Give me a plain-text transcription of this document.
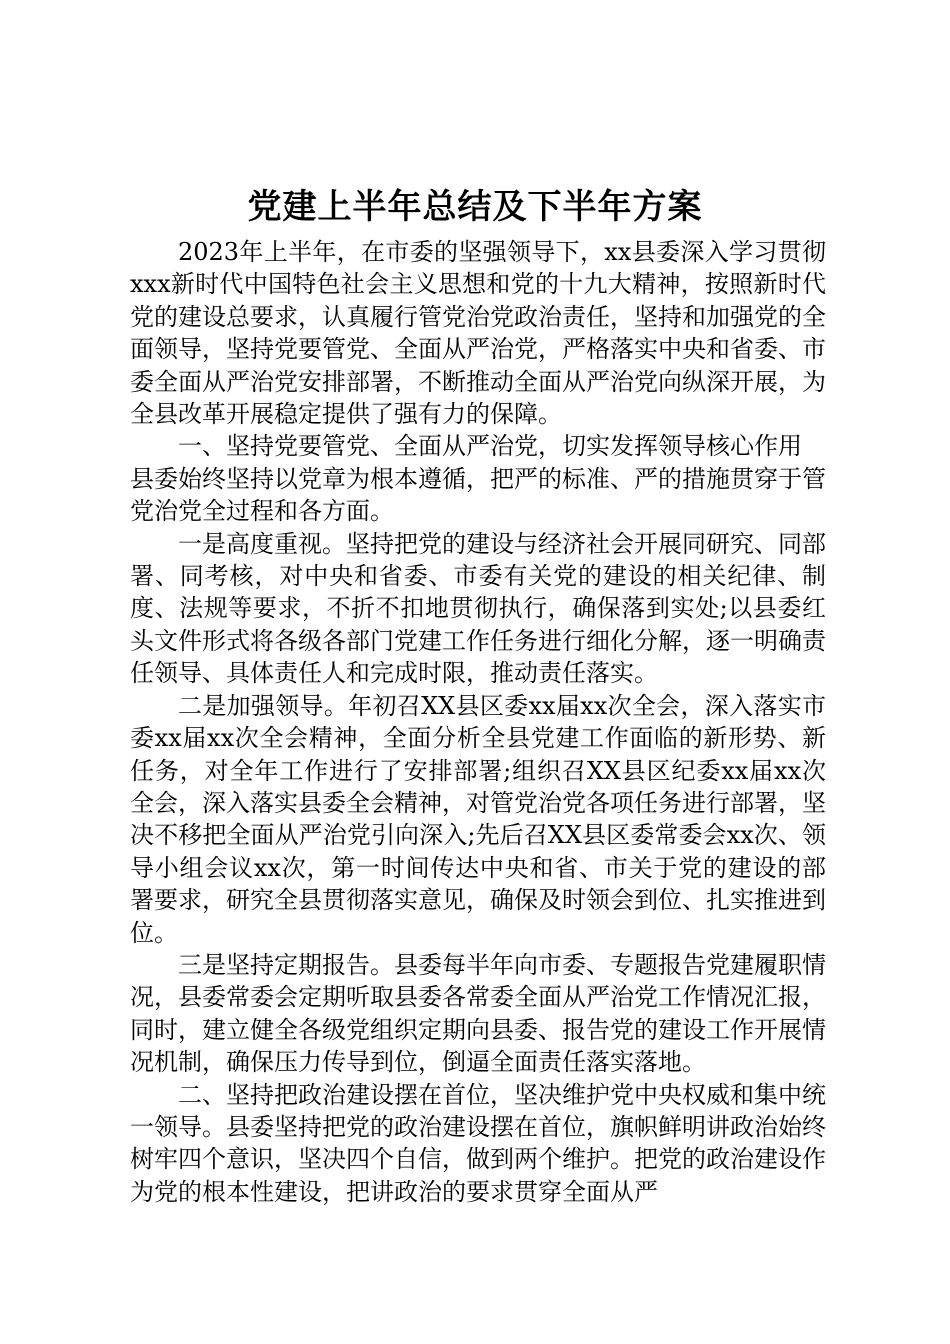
党建上半年总结及下半年方案

2023年上半年，在市委的坚强领导下，xx县委深入学习贯彻xxx新时代中国特色社会主义思想和党的十九大精神，按照新时代党的建设总要求，认真履行管党治党政治责任，坚持和加强党的全面领导，坚持党要管党、全面从严治党，严格落实中央和省委、市委全面从严治党安排部署，不断推动全面从严治党向纵深开展，为全县改革开展稳定提供了强有力的保障。

一、坚持党要管党、全面从严治党，切实发挥领导核心作用

县委始终坚持以党章为根本遵循，把严的标准、严的措施贯穿于管党治党全过程和各方面。

一是高度重视。坚持把党的建设与经济社会开展同研究、同部署、同考核，对中央和省委、市委有关党的建设的相关纪律、制度、法规等要求，不折不扣地贯彻执行，确保落到实处;以县委红头文件形式将各级各部门党建工作任务进行细化分解，逐一明确责任领导、具体责任人和完成时限，推动责任落实。

二是加强领导。年初召XX县区委xx届xx次全会，深入落实市委xx届xx次全会精神，全面分析全县党建工作面临的新形势、新任务，对全年工作进行了安排部署;组织召XX县区纪委xx届xx次全会，深入落实县委全会精神，对管党治党各项任务进行部署，坚决不移把全面从严治党引向深入;先后召XX县区委常委会xx次、领导小组会议xx次，第一时间传达中央和省、市关于党的建设的部署要求，研究全县贯彻落实意见，确保及时领会到位、扎实推进到位。

三是坚持定期报告。县委每半年向市委、专题报告党建履职情况，县委常委会定期听取县委各常委全面从严治党工作情况汇报，同时，建立健全各级党组织定期向县委、报告党的建设工作开展情况机制，确保压力传导到位，倒逼全面责任落实落地。

二、坚持把政治建设摆在首位，坚决维护党中央权威和集中统一领导。县委坚持把党的政治建设摆在首位，旗帜鲜明讲政治始终树牢四个意识，坚决四个自信，做到两个维护。把党的政治建设作为党的根本性建设，把讲政治的要求贯穿全面从严
